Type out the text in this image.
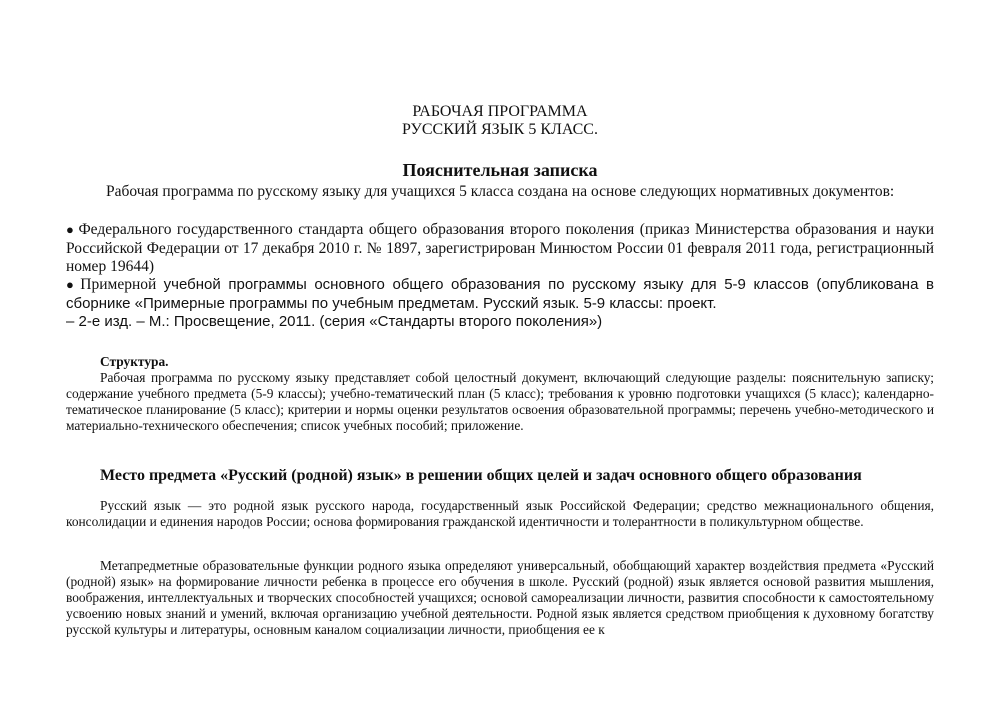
РАБОЧАЯ ПРОГРАММА
РУССКИЙ ЯЗЫК 5 КЛАСС.
Пояснительная записка
Рабочая программа по русскому языку для учащихся 5 класса создана на основе следующих нормативных документов:
● Федерального государственного стандарта общего образования второго поколения (приказ Министерства образования и науки Российской Федерации от 17 декабря 2010 г. № 1897, зарегистрирован Минюстом России 01 февраля 2011 года, регистрационный номер 19644)
● Примерной учебной программы основного общего образования по русскому языку для 5-9 классов (опубликована в сборнике «Примерные программы по учебным предметам. Русский язык. 5-9 классы: проект.
– 2-е изд. – М.: Просвещение, 2011. (серия «Стандарты второго поколения»)
Структура.
Рабочая программа по русскому языку представляет собой целостный документ, включающий следующие разделы: пояснительную записку; содержание учебного предмета (5-9 классы); учебно-тематический план (5 класс); требования к уровню подготовки учащихся (5 класс); календарно-тематическое планирование (5 класс); критерии и нормы оценки результатов освоения образовательной программы; перечень учебно-методического и материально-технического обеспечения; список учебных пособий; приложение.
Место предмета «Русский (родной) язык» в решении общих целей и задач основного общего образования
Русский язык — это родной язык русского народа, государственный язык Российской Федерации; средство межнационального общения, консолидации и единения народов России; основа формирования гражданской идентичности и толерантности в поликультурном обществе.
Метапредметные образовательные функции родного языка определяют универсальный, обобщающий характер воздействия предмета «Русский (родной) язык» на формирование личности ребенка в процессе его обучения в школе. Русский (родной) язык является основой развития мышления, воображения, интеллектуальных и творческих способностей учащихся; основой самореализации личности, развития способности к самостоятельному усвоению новых знаний и умений, включая организацию учебной деятельности. Родной язык является средством приобщения к духовному богатству русской культуры и литературы, основным каналом социализации личности, приобщения ее к
